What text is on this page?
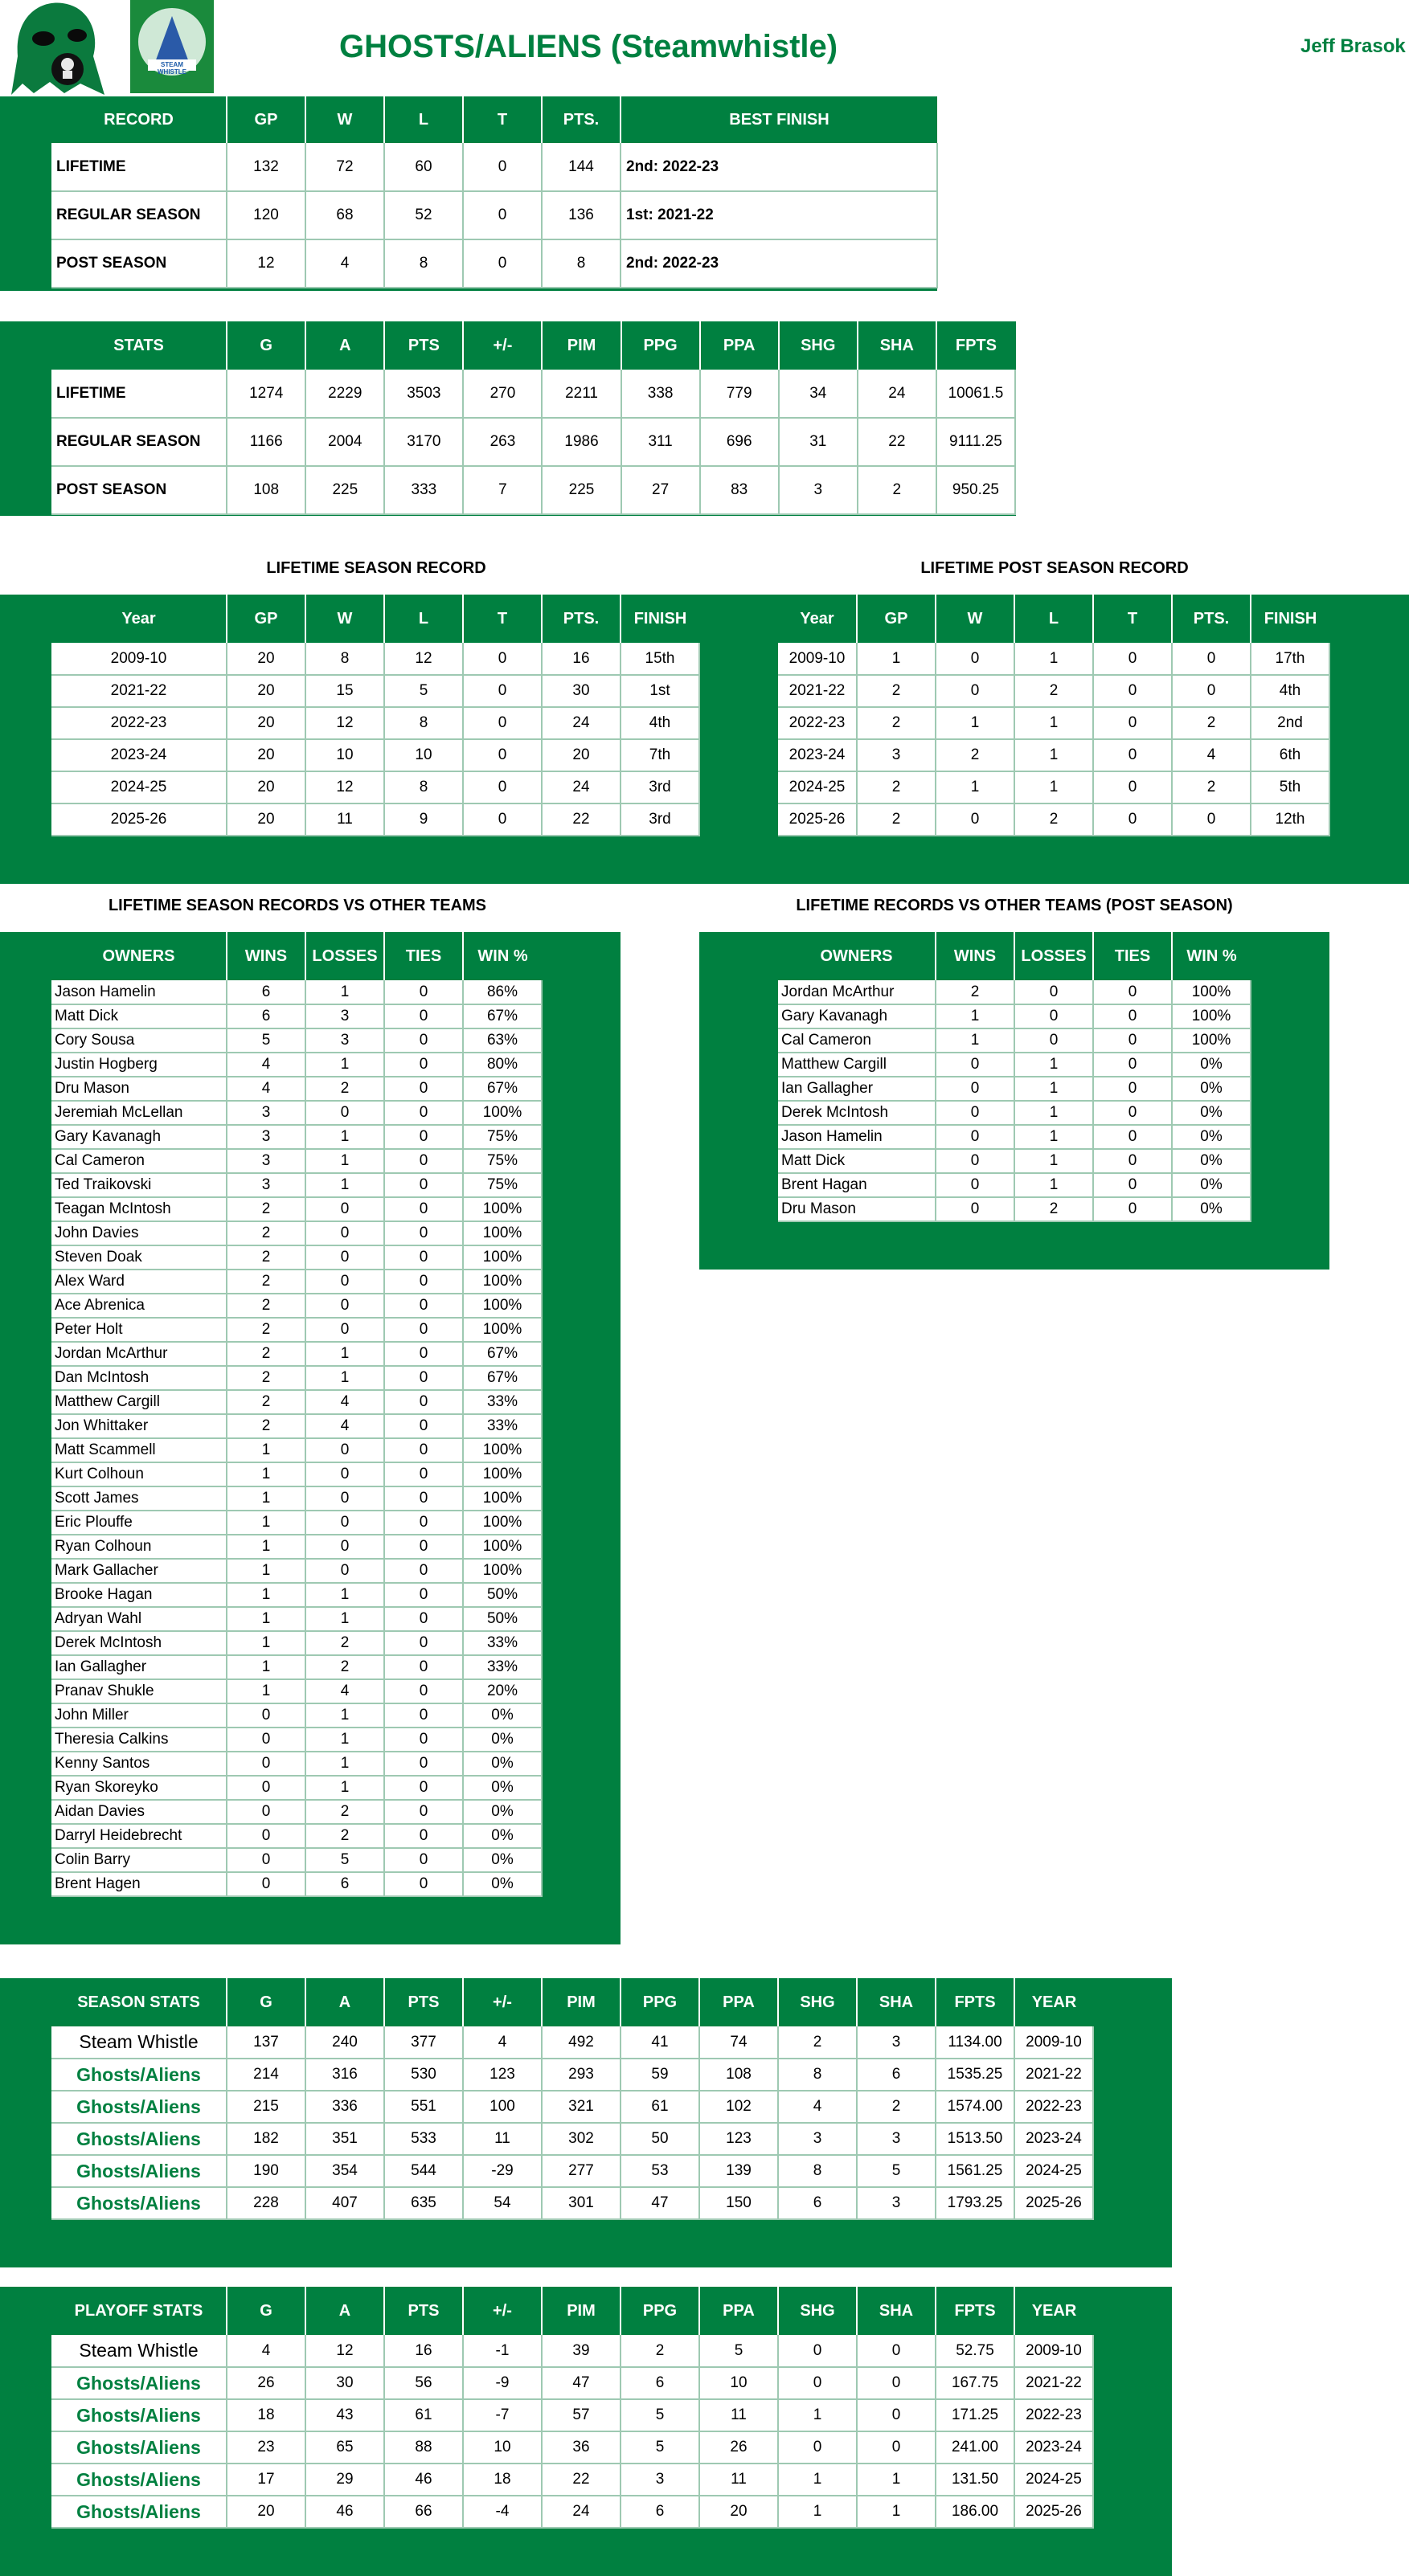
STEAM WHISTLE
GHOSTS/ALIENS (Steamwhistle)	Jeff Brasok
RECORD	GP	W	L	T	PTS.	BEST FINISH
LIFETIME	132	72	60	0	144	2nd: 2022-23
REGULAR SEASON	120	68	52	0	136	1st: 2021-22
POST SEASON	12	4	8	0	8	2nd: 2022-23
STATS	G	A	PTS	+/-	PIM	PPG	PPA	SHG	SHA	FPTS
LIFETIME	1274	2229	3503	270	2211	338	779	34	24	10061.5
REGULAR SEASON	1166	2004	3170	263	1986	311	696	31	22	9111.25
POST SEASON	108	225	333	7	225	27	83	3	2	950.25
LIFETIME SEASON RECORD	LIFETIME POST SEASON RECORD
Year	GP	W	L	T	PTS.	FINISH
2009-10	20	8	12	0	16	15th
2021-22	20	15	5	0	30	1st
2022-23	20	12	8	0	24	4th
2023-24	20	10	10	0	20	7th
2024-25	20	12	8	0	24	3rd
2025-26	20	11	9	0	22	3rd
Year	GP	W	L	T	PTS.	FINISH
2009-10	1	0	1	0	0	17th
2021-22	2	0	2	0	0	4th
2022-23	2	1	1	0	2	2nd
2023-24	3	2	1	0	4	6th
2024-25	2	1	1	0	2	5th
2025-26	2	0	2	0	0	12th
LIFETIME SEASON RECORDS VS OTHER TEAMS	LIFETIME RECORDS VS OTHER TEAMS (POST SEASON)
OWNERS	WINS	LOSSES	TIES	WIN %
Jason Hamelin	6	1	0	86%
Matt Dick	6	3	0	67%
Cory Sousa	5	3	0	63%
Justin Hogberg	4	1	0	80%
Dru Mason	4	2	0	67%
Jeremiah McLellan	3	0	0	100%
Gary Kavanagh	3	1	0	75%
Cal Cameron	3	1	0	75%
Ted Traikovski	3	1	0	75%
Teagan McIntosh	2	0	0	100%
John Davies	2	0	0	100%
Steven Doak	2	0	0	100%
Alex Ward	2	0	0	100%
Ace Abrenica	2	0	0	100%
Peter Holt	2	0	0	100%
Jordan McArthur	2	1	0	67%
Dan McIntosh	2	1	0	67%
Matthew Cargill	2	4	0	33%
Jon Whittaker	2	4	0	33%
Matt Scammell	1	0	0	100%
Kurt Colhoun	1	0	0	100%
Scott James	1	0	0	100%
Eric Plouffe	1	0	0	100%
Ryan Colhoun	1	0	0	100%
Mark Gallacher	1	0	0	100%
Brooke Hagan	1	1	0	50%
Adryan Wahl	1	1	0	50%
Derek McIntosh	1	2	0	33%
Ian Gallagher	1	2	0	33%
Pranav Shukle	1	4	0	20%
John Miller	0	1	0	0%
Theresia Calkins	0	1	0	0%
Kenny Santos	0	1	0	0%
Ryan Skoreyko	0	1	0	0%
Aidan Davies	0	2	0	0%
Darryl Heidebrecht	0	2	0	0%
Colin Barry	0	5	0	0%
Brent Hagen	0	6	0	0%
OWNERS	WINS	LOSSES	TIES	WIN %
Jordan McArthur	2	0	0	100%
Gary Kavanagh	1	0	0	100%
Cal Cameron	1	0	0	100%
Matthew Cargill	0	1	0	0%
Ian Gallagher	0	1	0	0%
Derek McIntosh	0	1	0	0%
Jason Hamelin	0	1	0	0%
Matt Dick	0	1	0	0%
Brent Hagan	0	1	0	0%
Dru Mason	0	2	0	0%
SEASON STATS	G	A	PTS	+/-	PIM	PPG	PPA	SHG	SHA	FPTS	YEAR
Steam Whistle	137	240	377	4	492	41	74	2	3	1134.00	2009-10
Ghosts/Aliens	214	316	530	123	293	59	108	8	6	1535.25	2021-22
Ghosts/Aliens	215	336	551	100	321	61	102	4	2	1574.00	2022-23
Ghosts/Aliens	182	351	533	11	302	50	123	3	3	1513.50	2023-24
Ghosts/Aliens	190	354	544	-29	277	53	139	8	5	1561.25	2024-25
Ghosts/Aliens	228	407	635	54	301	47	150	6	3	1793.25	2025-26
PLAYOFF STATS	G	A	PTS	+/-	PIM	PPG	PPA	SHG	SHA	FPTS	YEAR
Steam Whistle	4	12	16	-1	39	2	5	0	0	52.75	2009-10
Ghosts/Aliens	26	30	56	-9	47	6	10	0	0	167.75	2021-22
Ghosts/Aliens	18	43	61	-7	57	5	11	1	0	171.25	2022-23
Ghosts/Aliens	23	65	88	10	36	5	26	0	0	241.00	2023-24
Ghosts/Aliens	17	29	46	18	22	3	11	1	1	131.50	2024-25
Ghosts/Aliens	20	46	66	-4	24	6	20	1	1	186.00	2025-26
